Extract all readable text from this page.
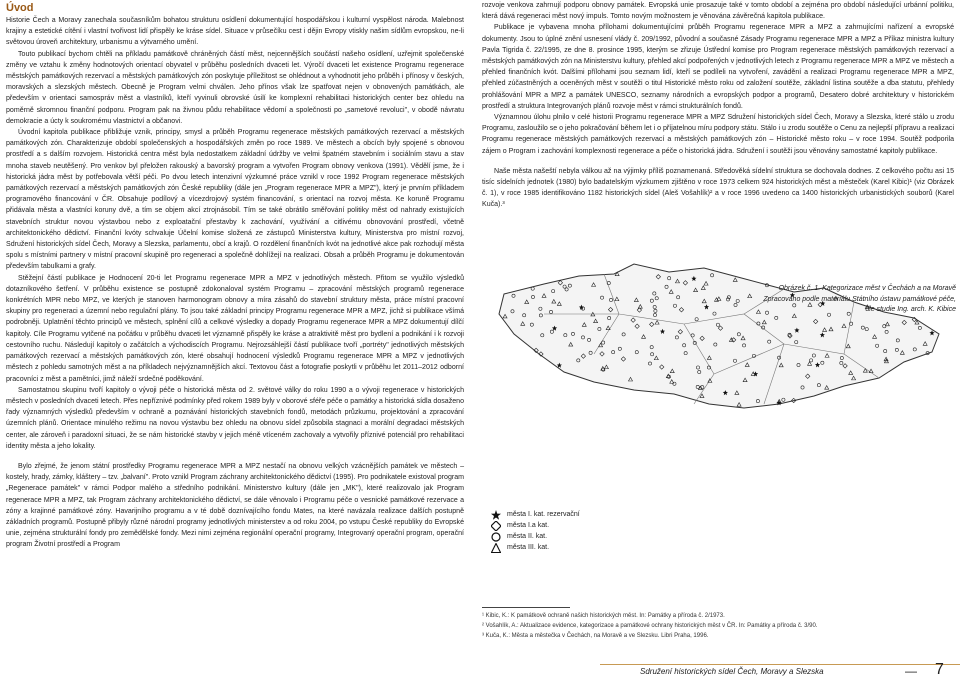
Úvod

Historie Čech a Moravy zanechala současníkům bohatou strukturu osídlení dokumentující hospodářskou i kulturní vyspělost národa. Malebnost krajiny a estetické cítění i vlastní tvořivost lidí přispěly ke kráse sídel. Situace v průsečíku cest i dějin Evropy vtiskly našim sídlům evropskou, ne-li světovou úroveň architektury, urbanismu a výtvarného umění.

Touto publikací bychom chtěli na příkladu památkově chráněných částí měst, nejcennějších součástí našeho osídlení, uzřejmit společenské změny ve vztahu k změny hodnotových orientací obyvatel v průběhu posledních dvaceti let. Výročí dvaceti let existence Programu regenerace městských památkových rezervací a městských památkových zón poskytuje příležitost se ohlédnout a vyhodnotit jeho průběh i přínosy v českých, moravských a slezských městech. Obecně je Program velmi chválen. Jeho přínos však lze spatřovat nejen v obnovených památkách, ale především v orientaci samospráv měst a vlastníků, kteří vyvinuli obrovské úsilí ke komplexní rehabilitaci historických center bez ohledu na poměrně skromnou finanční podporu. Program pak na živnou půdu rehabilitace vědomí a společnosti po „sametové revoluci", v obodě návratu demokracie a úcty k soukromému vlastnictví a občanovi.

Úvodní kapitola publikace přibližuje vznik, principy, smysl a průběh Programu regenerace městských památkových rezervací a městských památkových zón. Charakterizuje období společenských a hospodářských změn po roce 1989. Ve městech a obcích byly spojené s obnovou prostředí a s dalším rozvojem. Historická centra měst byla nedostatkem základní údržby ve velmi špatném stavebním i sociálním stavu a stav mnoha staveb neutěšený. Pro venkov byl přeložen rakouský a bavorský program a vytvořen Program obnovy venkova (1991). Vědělí jsme, že i historická jádra měst by potřebovala větší péči. Po dvou letech intenzivní výzkumné práce vznikl v roce 1992 Program regenerace městských památkových rezervací a městských památkových zón České republiky (dále jen „Program regenerace MPR a MPZ"), který je prvním příkladem programového financování v ČR. Obsahuje podílový a vícezdrojový systém financování, s orientací na rozvoj města. Ke koruně Programu přidávala města a vlastníci koruny dvě, a tím se objem akcí ztrojnásobil. Tím se také obrátilo směřování politiky měst od nahrady existujících stavebních struktur novou výstavbou nebo z exploatační přestavby k zachování, využívání a citlivému obnovování prostředí, včetně architektonického dědictví. Finanční kvóty schvaluje Účelní komise složená ze zástupců Ministerstva kultury, Ministerstva pro místní rozvoj, Sdružení historických sídel Čech, Moravy a Slezska, parlamentu, obcí a krajů. O rozdělení finančních kvót na jednotlivé akce pak rozhodují města spolu s místními partnery v místní pracovní skupině pro regeneraci a společně dohlížejí na realizaci. Obsah a průběh Programu je dokumentován především tabulkami a grafy.

Stěžejní částí publikace je Hodnocení 20-ti let Programu regenerace MPR a MPZ v jednotlivých městech. Přitom se využilo výsledků dotazníkového šetření. V průběhu existence se postupně zdokonaloval systém Programu – zpracování městských programů regenerace konkrétních MPR nebo MPZ, ve kterých je stanoven harmonogram obnovy a míra zásahů do stavební struktury města, práce místní pracovní skupiny pro regeneraci a územní nebo regulační plány. To jsou také základní principy Programu regenerace MPR a MPZ, jichž si publikace všímá podrobněji. Uplatnění těchto principů ve městech, splnění cílů a celkové výsledky a dopady Programu regenerace MPR a MPZ dokumentují dílčí kapitoly. Cíle Programu vytčené na počátku v průběhu dvaceti let významně přispěly ke kráse a atraktivitě měst pro bydlení a podnikání i k rozvoji cestovního ruchu. Následují kapitoly o začátcích a východiscích Programu. Nejrozsáhlejší částí publikace tvoří „portréty" jednotlivých městských památkových rezervací a městských památkových zón, které obsahují hodnocení výsledků Programu regenerace MPR a MPZ v jednotlivých městech z pohledu samotných měst a na příkladech nejvýznamnějších akcí. Textovou část a fotografie poskytli v průběhu let 2011–2012 odborní pracovníci z měst a pamětníci, jimž náleží srdečné poděkování.

Samostatnou skupinu tvoří kapitoly o vývoji péče o historická města od 2. světové války do roku 1990 a o vývoji regenerace v historických městech v posledních dvaceti letech. Přes nepříznivé podmínky před rokem 1989 byly v oborové sféře péče o památky a historická sídla dosaženo řady významných výsledků především v ochraně a poznávání historických stavebních fondů, metodách průzkumu, projektování a zpracování územních plánů. Orientace minulého režimu na novou výstavbu bez ohledu na obnovu sídel způsobila stagnaci a morální degradaci městských center, ale zároveň i paradoxní situaci, že se nám historické stavby v jejich méně vtíceném zachovaly a vytvořily příznivé potenciál pro rehabilitaci identity města a jeho lokality.

Bylo zřejmé, že jenom státní prostředky Programu regenerace MPR a MPZ nestačí na obnovu velkých vzácnějších památek ve městech – kostely, hrady, zámky, kláštery – tzv. „balvaní". Proto vznikl Program záchrany architektonického dědictví (1995). Pro podnikatele existoval program „Regenerace památek" v rámci Podpor malého a středního podnikání. Ministerstvo kultury (dále jen „MK"), které realizovalo jak Program regenerace MPR a MPZ, tak Program záchrany architektonického dědictví, se dále věnovalo i Programu péče o vesnické památkové rezervace a zóny a krajinné památkové zóny. Havarijního programu a v té době doznívajícího fondu Mates, na které navázala realizace dalších postupně základních programů. Postupně přibyly různé národní programy jednotlivých ministerstev a od roku 2004, po vstupu České republiky do Evropské unie, zejména strukturální fondy pro zemědělské fondy. Mezi nimi zejména regionální operační programy, Integrovaný operační program, operační program Životní prostředí a Program

rozvoje venkova zahrnují podporu obnovy památek. Evropská unie prosazuje také v tomto období a zejména pro období následující urbánní politiku, která dává regeneraci měst nový impuls. Tomto novým možnostem je věnována závěrečná kapitola publikace.

Publikace je vybavena mnoha přílohami dokumentujícími průběh Programu regenerace MPR a MPZ a zahrnujícími nařízení a evropské dokumenty. Jsou to úplné znění usnesení vlády č. 209/1992, původní a současné Zásady Programu regenerace MPR a MPZ a Příkaz ministra kultury Pavla Tigrida č. 22/1995, ze dne 8. prosince 1995, kterým se zřizuje Ústřední komise pro Program regenerace městských památkových rezervací a městských památkových zón na Ministerstvu kultury, přehled akcí podpořených v jednotlivých letech z Programu regenerace MPR a MPZ ve městech a přehled finančních kvót. Dalšími přílohami jsou seznam lidí, kteří se podíleli na vytvoření, zavádění a realizaci Programu regenerace MPR a MPZ, přehled zúčastněných a oceněných měst v soutěži o titul Historické město roku od založení soutěže, základní listina soutěže a dba statutu, přehledy prohlášování MPR a MPZ a památek UNESCO, seznamy národních a evropských podpor a programů, Desatero dobré architektury v historickém prostředí a struktura Integrovaných plánů rozvoje měst v rámci strukturálních fondů.

Významnou úlohu plnilo v celé historii Programu regenerace MPR a MPZ Sdružení historických sídel Čech, Moravy a Slezska, které stálo u zrodu Programu, zasloužilo se o jeho pokračování během let i o příjatelnou míru podpory státu. Stálo i u zrodu soutěže o Cenu za nejlepší přípravu a realizaci Programu regenerace městských památkových rezervací a městských památkových zón – Historické město roku – v roce 1994. Soutěž podporila zájem o Program i zachování komplexnosti regenerace a péče o historická jádra. Sdružení i soutěži jsou věnovány samostatné kapitoly publikace.

Naše města našeští nebyla válkou až na výjimky příliš poznamenaná. Středověká sídelní struktura se dochovala dodnes. Z celkového počtu asi 15 tisíc sídelních jednotek (1980) bylo badatelským výzkumem zjištěno v roce 1973 celkem 924 historických měst a městeček (Karel Kibic)¹ (viz Obrázek č. 1), v roce 1985 identifikováno 1182 historických sídel (Aleš Vošahlík)² a v roce 1996 uvedeno ca 1400 historických urbanistických souborů (Karel Kuča).³

Obrázek č. 1. Kategorizace měst v Čechách a na Moravě
Zpracováno podle materiálu Státního ústavu památkové péče, dle studie Ing. arch. K. Kibice
města I. kat. rezervační
města I.a kat.
města II. kat.
města III. kat.
¹ Kibic, K.: K památkově ochraně našich historických měst. In: Památky a příroda č. 2/1973.
² Vošahlík, A.: Aktualizace evidence, kategorizace a památkové ochrany historických měst v ČR. In: Památky a příroda č. 3/90.
³ Kuča, K.: Města a městečka v Čechách, na Moravě a ve Slezsku. Libri Praha, 1996.
Sdružení historických sídel Čech, Moravy a Slezska	— 7
